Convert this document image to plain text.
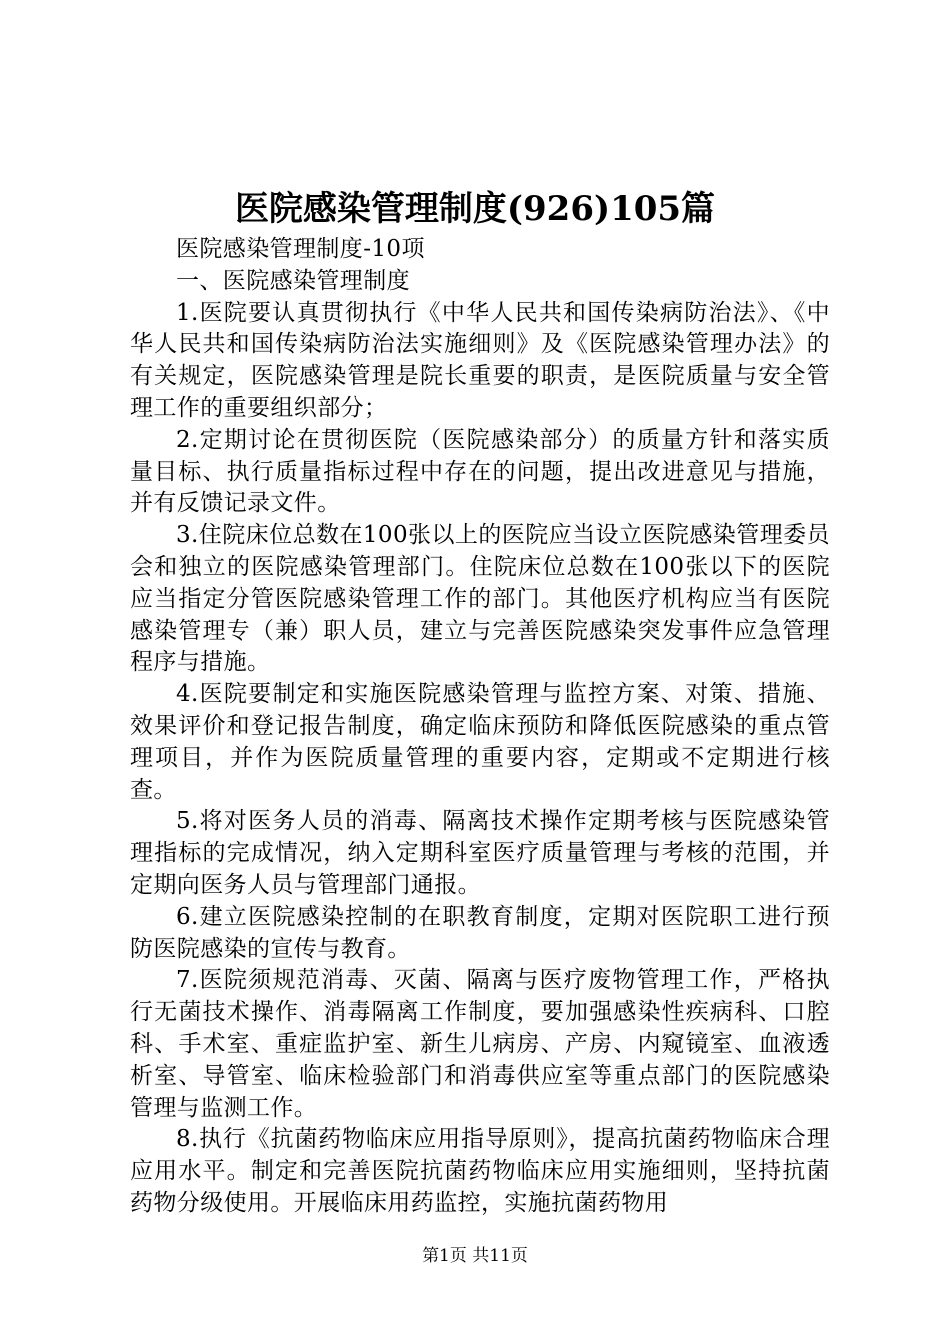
医院感染管理制度(926)105篇

医院感染管理制度-10项

一、医院感染管理制度

1.医院要认真贯彻执行《中华人民共和国传染病防治法》、《中华人民共和国传染病防治法实施细则》及《医院感染管理办法》的有关规定，医院感染管理是院长重要的职责，是医院质量与安全管理工作的重要组织部分；

2.定期讨论在贯彻医院（医院感染部分）的质量方针和落实质量目标、执行质量指标过程中存在的问题，提出改进意见与措施，并有反馈记录文件。

3.住院床位总数在100张以上的医院应当设立医院感染管理委员会和独立的医院感染管理部门。住院床位总数在100张以下的医院应当指定分管医院感染管理工作的部门。其他医疗机构应当有医院感染管理专（兼）职人员，建立与完善医院感染突发事件应急管理程序与措施。

4.医院要制定和实施医院感染管理与监控方案、对策、措施、效果评价和登记报告制度，确定临床预防和降低医院感染的重点管理项目，并作为医院质量管理的重要内容，定期或不定期进行核查。

5.将对医务人员的消毒、隔离技术操作定期考核与医院感染管理指标的完成情况，纳入定期科室医疗质量管理与考核的范围，并定期向医务人员与管理部门通报。

6.建立医院感染控制的在职教育制度，定期对医院职工进行预防医院感染的宣传与教育。

7.医院须规范消毒、灭菌、隔离与医疗废物管理工作，严格执行无菌技术操作、消毒隔离工作制度，要加强感染性疾病科、口腔科、手术室、重症监护室、新生儿病房、产房、内窥镜室、血液透析室、导管室、临床检验部门和消毒供应室等重点部门的医院感染管理与监测工作。

8.执行《抗菌药物临床应用指导原则》，提高抗菌药物临床合理应用水平。制定和完善医院抗菌药物临床应用实施细则，坚持抗菌药物分级使用。开展临床用药监控，实施抗菌药物用

第1页 共11页
